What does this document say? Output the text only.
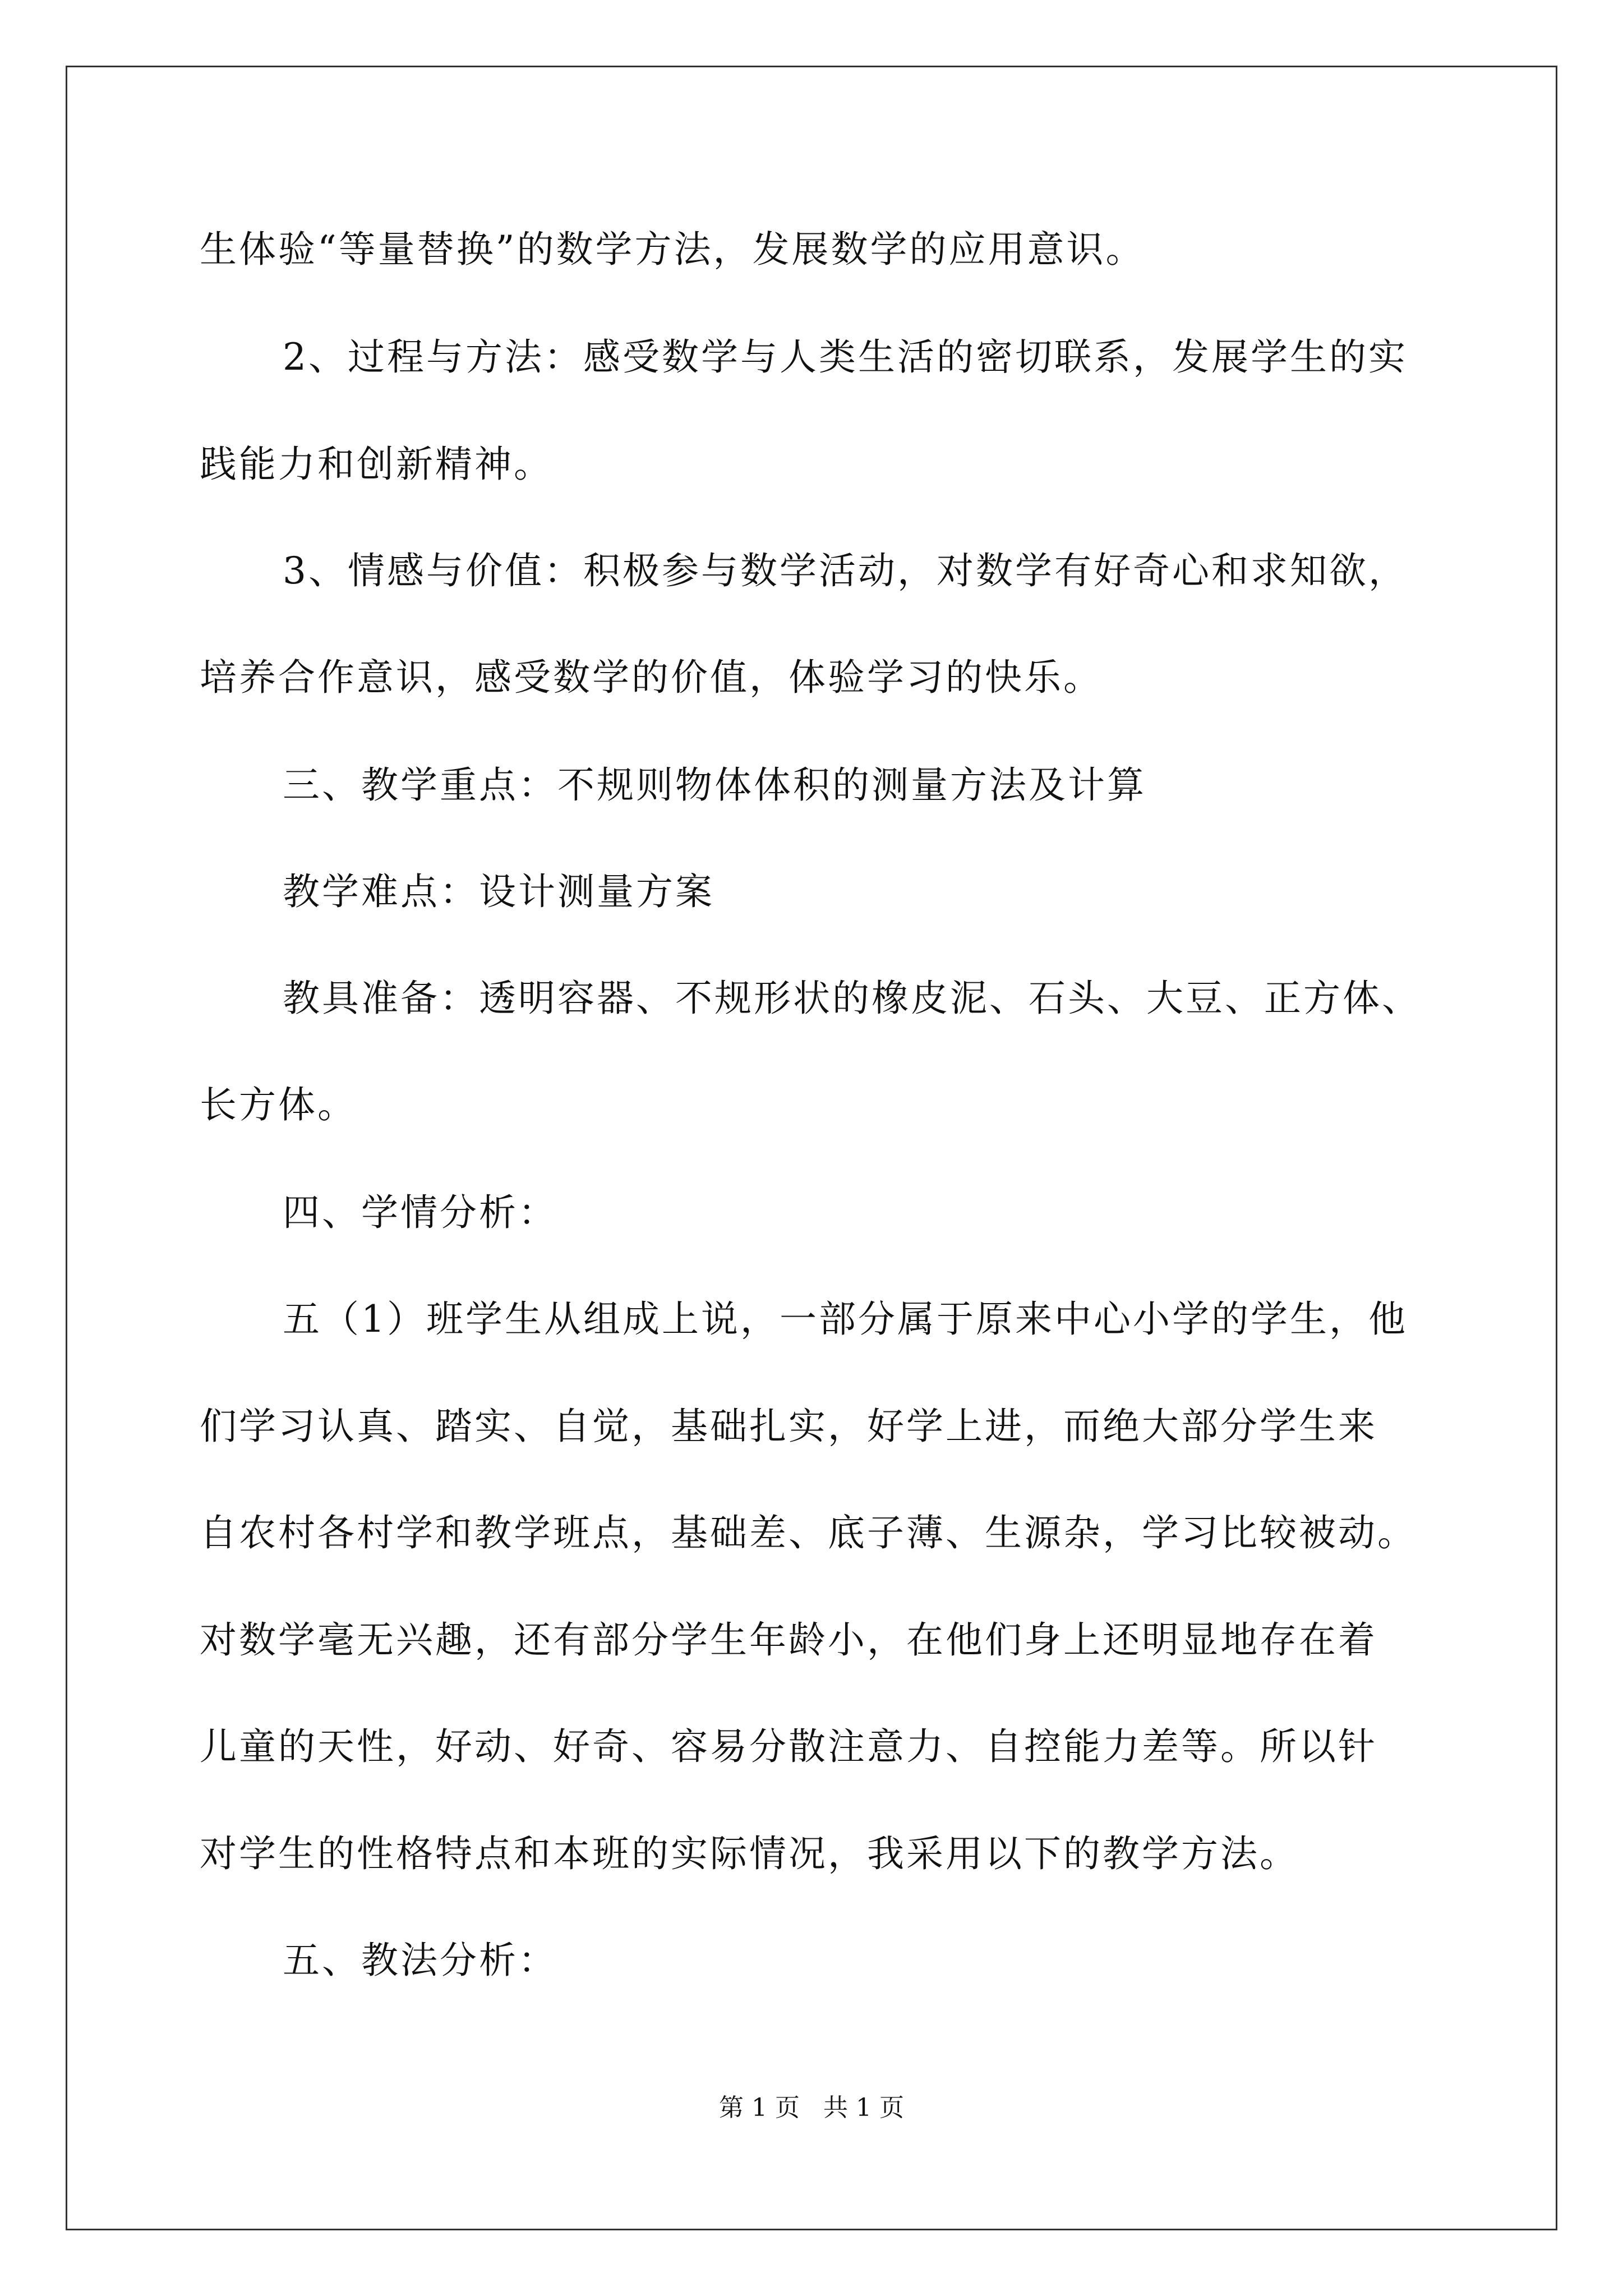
生体验“等量替换”的数学方法，发展数学的应用意识。
2、过程与方法：感受数学与人类生活的密切联系，发展学生的实
践能力和创新精神。
3、情感与价值：积极参与数学活动，对数学有好奇心和求知欲，
培养合作意识，感受数学的价值，体验学习的快乐。
三、教学重点：不规则物体体积的测量方法及计算
教学难点：设计测量方案
教具准备：透明容器、不规形状的橡皮泥、石头、大豆、正方体、
长方体。
四、学情分析：
五（1）班学生从组成上说，一部分属于原来中心小学的学生，他
们学习认真、踏实、自觉，基础扎实，好学上进，而绝大部分学生来
自农村各村学和教学班点，基础差、底子薄、生源杂，学习比较被动。
对数学毫无兴趣，还有部分学生年龄小，在他们身上还明显地存在着
儿童的天性，好动、好奇、容易分散注意力、自控能力差等。所以针
对学生的性格特点和本班的实际情况，我采用以下的教学方法。
五、教法分析：
第 1 页   共 1 页
